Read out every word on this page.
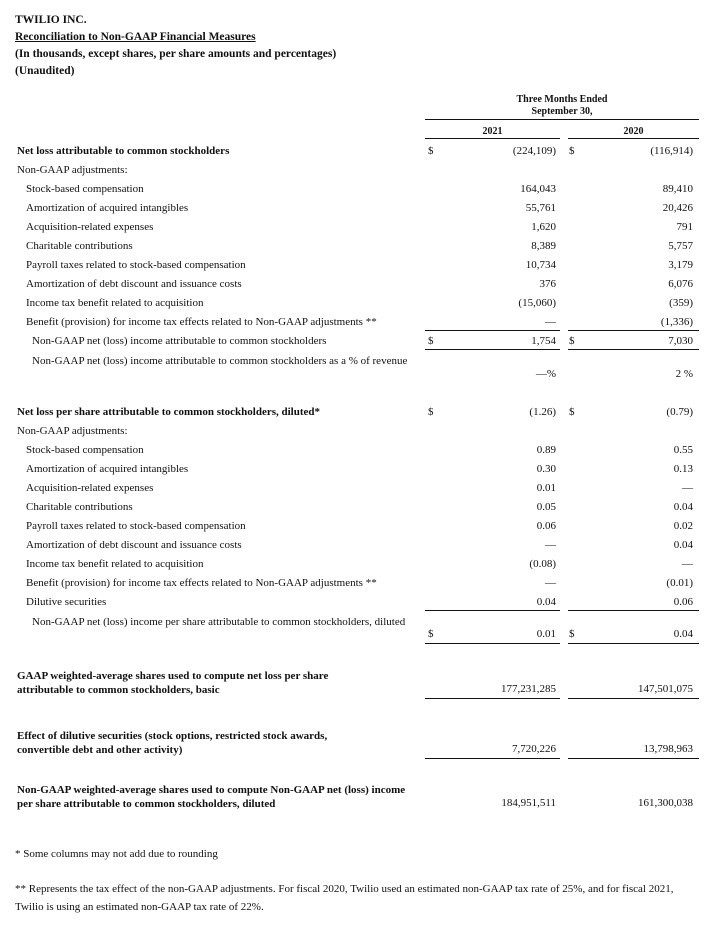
TWILIO INC.
Reconciliation to Non-GAAP Financial Measures
(In thousands, except shares, per share amounts and percentages)
(Unaudited)
Three Months Ended
September 30,
2021	2020
Net loss attributable to common stockholders	$	(224,109) $	(116,914)
Non-GAAP adjustments:
Stock-based compensation	164,043	89,410
Amortization of acquired intangibles	55,761	20,426
Acquisition-related expenses	1,620	791
Charitable contributions	8,389	5,757
Payroll taxes related to stock-based compensation	10,734	3,179
Amortization of debt discount and issuance costs	376	6,076
Income tax benefit related to acquisition	(15,060)	(359)
Benefit (provision) for income tax effects related to Non-GAAP adjustments **	—	(1,336)
Non-GAAP net (loss) income attributable to common stockholders	$	1,754 $	7,030
Non-GAAP net (loss) income attributable to common stockholders as a % of revenue
—%	2 %
Net loss per share attributable to common stockholders, diluted*	$	(1.26) $	(0.79)
Non-GAAP adjustments:
Stock-based compensation	0.89	0.55
Amortization of acquired intangibles	0.30	0.13
Acquisition-related expenses	0.01	—
Charitable contributions	0.05	0.04
Payroll taxes related to stock-based compensation	0.06	0.02
Amortization of debt discount and issuance costs	—	0.04
Income tax benefit related to acquisition	(0.08)	—
Benefit (provision) for income tax effects related to Non-GAAP adjustments **	—	(0.01)
Dilutive securities	0.04	0.06
Non-GAAP net (loss) income per share attributable to common stockholders, diluted
$	0.01 $	0.04
GAAP weighted-average shares used to compute net loss per share attributable to common stockholders, basic	177,231,285	147,501,075
Effect of dilutive securities (stock options, restricted stock awards, convertible debt and other activity)	7,720,226	13,798,963
Non-GAAP weighted-average shares used to compute Non-GAAP net (loss) income per share attributable to common stockholders, diluted	184,951,511	161,300,038
* Some columns may not add due to rounding
** Represents the tax effect of the non-GAAP adjustments. For fiscal 2020, Twilio used an estimated non-GAAP tax rate of 25%, and for fiscal 2021, Twilio is using an estimated non-GAAP tax rate of 22%.
